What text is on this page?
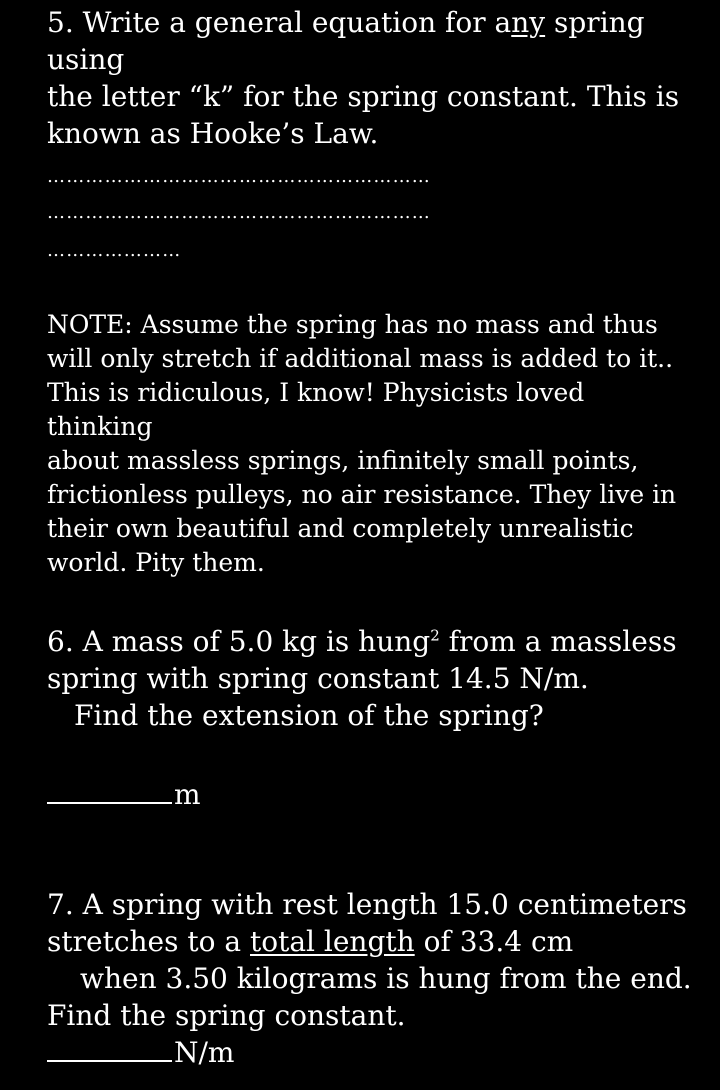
5. Write a general equation for any spring using
the letter “k” for the spring constant. This is
known as Hooke’s Law.
……………………………………………………
……………………………………………………
…………………
NOTE: Assume the spring has no mass and thus
will only stretch if additional mass is added to it..
This is ridiculous, I know! Physicists loved thinking
about massless springs, infinitely small points,
frictionless pulleys, no air resistance. They live in
their own beautiful and completely unrealistic
world. Pity them.
6. A mass of 5.0 kg is hung$^2$ from a massless
spring with spring constant 14.5 N/m.
Find the extension of the spring?
m
7. A spring with rest length 15.0 centimeters
stretches to a total length of 33.4 cm
when 3.50 kilograms is hung from the end.
Find the spring constant.
N/m
